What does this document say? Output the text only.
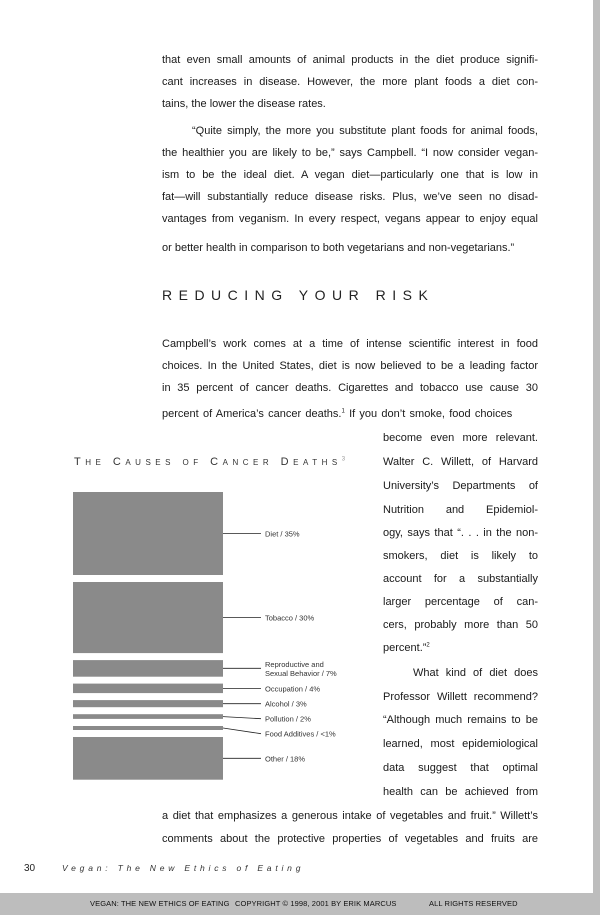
that even small amounts of animal products in the diet produce signifi-
cant increases in disease. However, the more plant foods a diet con-
tains, the lower the disease rates.
“Quite simply, the more you substitute plant foods for animal foods,
the healthier you are likely to be,” says Campbell. “I now consider vegan-
ism to be the ideal diet. A vegan diet—particularly one that is low in
fat—will substantially reduce disease risks. Plus, we’ve seen no disad-
vantages from veganism. In every respect, vegans appear to enjoy equal
or better health in comparison to both vegetarians and non-vegetarians.”
REDUCING YOUR RISK
Campbell’s work comes at a time of intense scientific interest in food
choices. In the United States, diet is now believed to be a leading factor
in 35 percent of cancer deaths. Cigarettes and tobacco use cause 30
percent of America’s cancer deaths.$^1$ If you don’t smoke, food choices
become even more relevant.
Walter C. Willett, of Harvard
University’s Departments of
Nutrition and Epidemiol-
ogy, says that “. . . in the non-
smokers, diet is likely to
account for a substantially
larger percentage of can-
cers, probably more than 50
percent.”$^2$
What kind of diet does
Professor Willett recommend?
“Although much remains to be
learned, most epidemiological
data suggest that optimal
health can be achieved from
a diet that emphasizes a generous intake of vegetables and fruit.” Willett’s
comments about the protective properties of vegetables and fruits are
The Causes of Cancer Deaths$^3$
Diet / 35%
Tobacco / 30%
Reproductive and
Sexual Behavior / 7%
Occupation / 4%
Alcohol / 3%
Pollution / 2%
Food Additives / <1%
Other / 18%
30	Vegan: The New Ethics of Eating
VEGAN: THE NEW ETHICS OF EATING COPYRIGHT © 1998, 2001 BY ERIK MARCUS	ALL RIGHTS RESERVED
